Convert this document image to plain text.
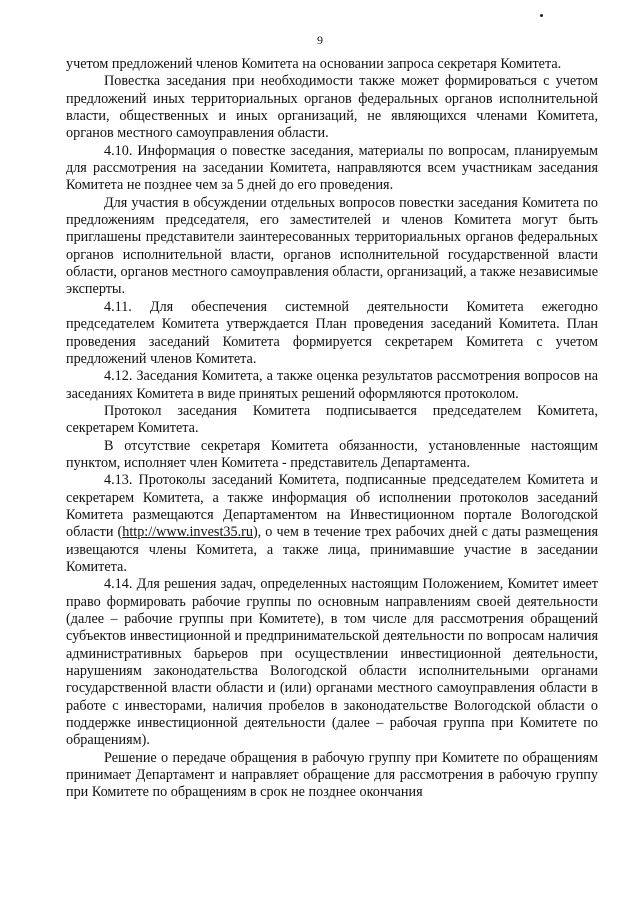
9

учетом предложений членов Комитета на основании запроса секретаря Комитета.

Повестка заседания при необходимости также может формироваться с учетом предложений иных территориальных органов федеральных органов исполнительной власти, общественных и иных организаций, не являющихся членами Комитета, органов местного самоуправления области.

4.10. Информация о повестке заседания, материалы по вопросам, планируемым для рассмотрения на заседании Комитета, направляются всем участникам заседания Комитета не позднее чем за 5 дней до его проведения.

Для участия в обсуждении отдельных вопросов повестки заседания Комитета по предложениям председателя, его заместителей и членов Комитета могут быть приглашены представители заинтересованных территориальных органов федеральных органов исполнительной власти, органов исполнительной государственной власти области, органов местного самоуправления области, организаций, а также независимые эксперты.

4.11. Для обеспечения системной деятельности Комитета ежегодно председателем Комитета утверждается План проведения заседаний Комитета. План проведения заседаний Комитета формируется секретарем Комитета с учетом предложений членов Комитета.

4.12. Заседания Комитета, а также оценка результатов рассмотрения вопросов на заседаниях Комитета в виде принятых решений оформляются протоколом.

Протокол заседания Комитета подписывается председателем Комитета, секретарем Комитета.

В отсутствие секретаря Комитета обязанности, установленные настоящим пунктом, исполняет член Комитета - представитель Департамента.

4.13. Протоколы заседаний Комитета, подписанные председателем Комитета и секретарем Комитета, а также информация об исполнении протоколов заседаний Комитета размещаются Департаментом на Инвестиционном портале Вологодской области (http://www.invest35.ru), о чем в течение трех рабочих дней с даты размещения извещаются члены Комитета, а также лица, принимавшие участие в заседании Комитета.

4.14. Для решения задач, определенных настоящим Положением, Комитет имеет право формировать рабочие группы по основным направлениям своей деятельности (далее – рабочие группы при Комитете), в том числе для рассмотрения обращений субъектов инвестиционной и предпринимательской деятельности по вопросам наличия административных барьеров при осуществлении инвестиционной деятельности, нарушениям законодательства Вологодской области исполнительными органами государственной власти области и (или) органами местного самоуправления области в работе с инвесторами, наличия пробелов в законодательстве Вологодской области о поддержке инвестиционной деятельности (далее – рабочая группа при Комитете по обращениям).

Решение о передаче обращения в рабочую группу при Комитете по обращениям принимает Департамент и направляет обращение для рассмотрения в рабочую группу при Комитете по обращениям в срок не позднее окончания
